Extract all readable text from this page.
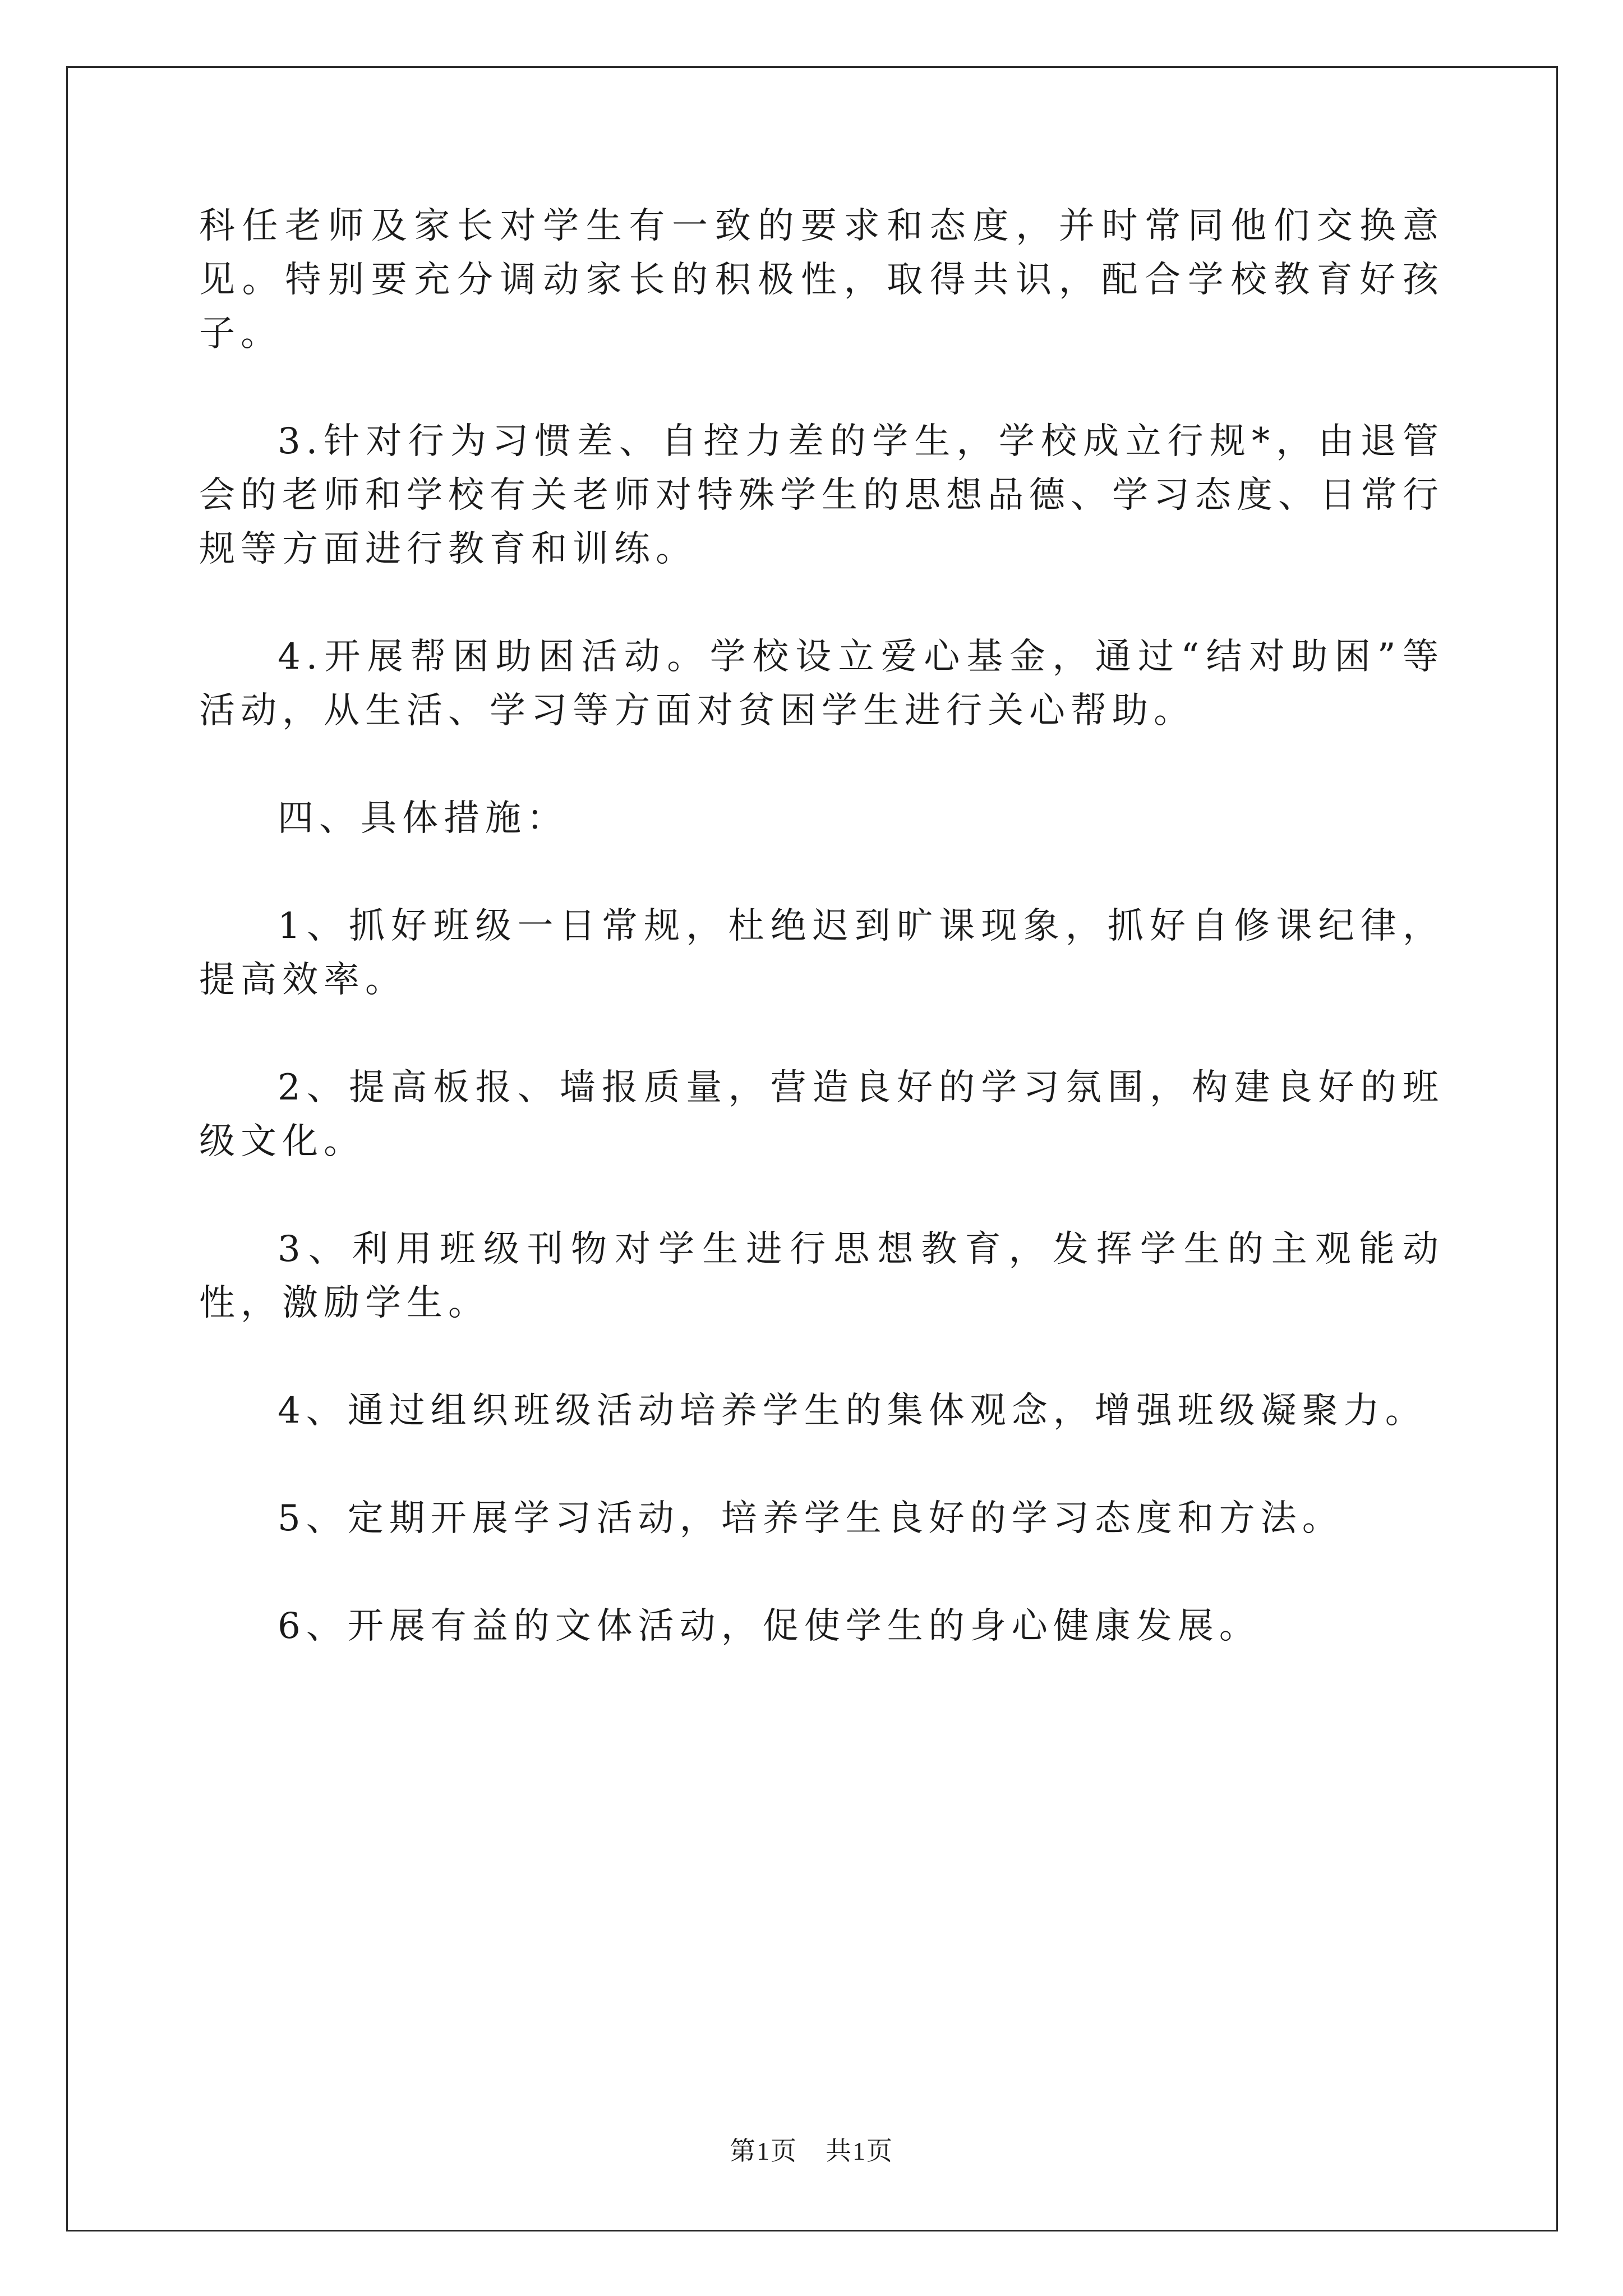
科任老师及家长对学生有一致的要求和态度，并时常同他们交换意见。特别要充分调动家长的积极性，取得共识，配合学校教育好孩子。

3.针对行为习惯差、自控力差的学生，学校成立行规*，由退管会的老师和学校有关老师对特殊学生的思想品德、学习态度、日常行规等方面进行教育和训练。

4.开展帮困助困活动。学校设立爱心基金，通过“结对助困”等活动，从生活、学习等方面对贫困学生进行关心帮助。

四、具体措施：

1、抓好班级一日常规，杜绝迟到旷课现象，抓好自修课纪律，提高效率。

2、提高板报、墙报质量，营造良好的学习氛围，构建良好的班级文化。

3、利用班级刊物对学生进行思想教育，发挥学生的主观能动性，激励学生。

4、通过组织班级活动培养学生的集体观念，增强班级凝聚力。

5、定期开展学习活动，培养学生良好的学习态度和方法。

6、开展有益的文体活动，促使学生的身心健康发展。

第1页 共1页
